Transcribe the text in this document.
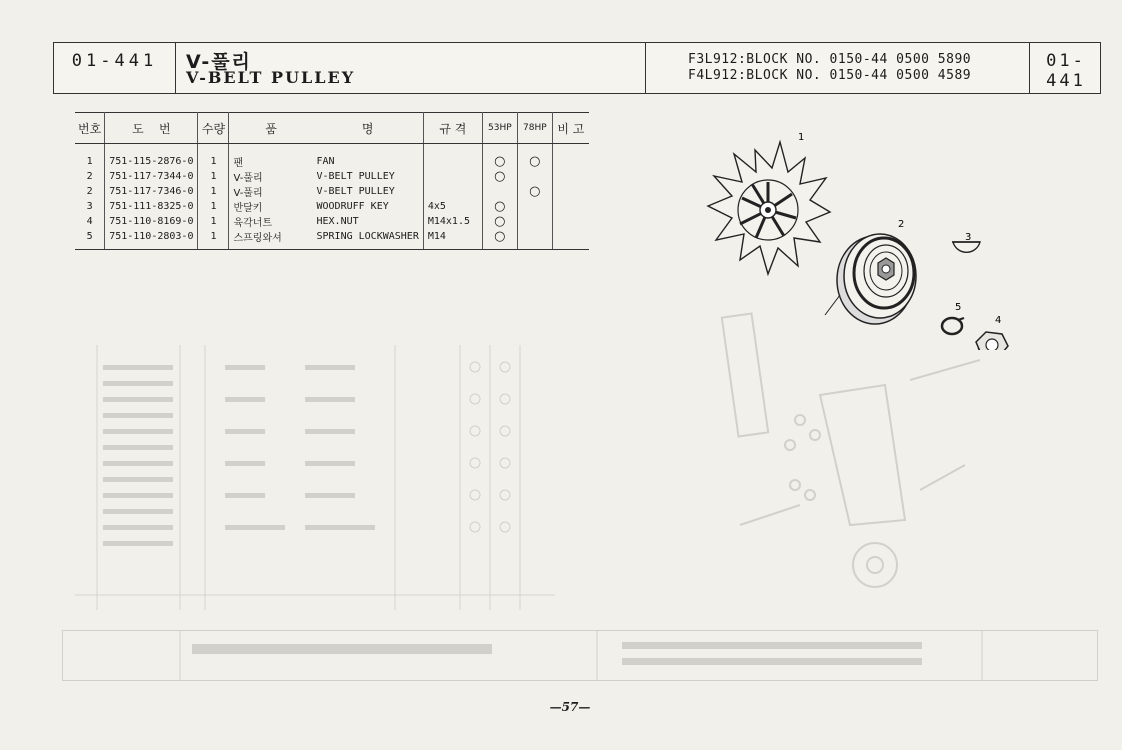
01-441	V-풀리
V-BELT PULLEY
F3L912:BLOCK NO. 0150-44 0500 5890
F4L912:BLOCK NO. 0150-44 0500 4589
01-441
번호	도    번	수량	품	명	규 격	53HP	78HP	비 고
1	751-115-2876-0	1	팬	FAN		○	○	
2	751-117-7344-0	1	V-풀리	V-BELT PULLEY		○		
2	751-117-7346-0	1	V-풀리	V-BELT PULLEY			○	
3	751-111-8325-0	1	반달키	WOODRUFF KEY	4x5	○		
4	751-110-8169-0	1	육각너트	HEX.NUT	M14x1.5	○		
5	751-110-2803-0	1	스프링와셔	SPRING LOCKWASHER	M14	○		
1
2
3
5
4
—57—
